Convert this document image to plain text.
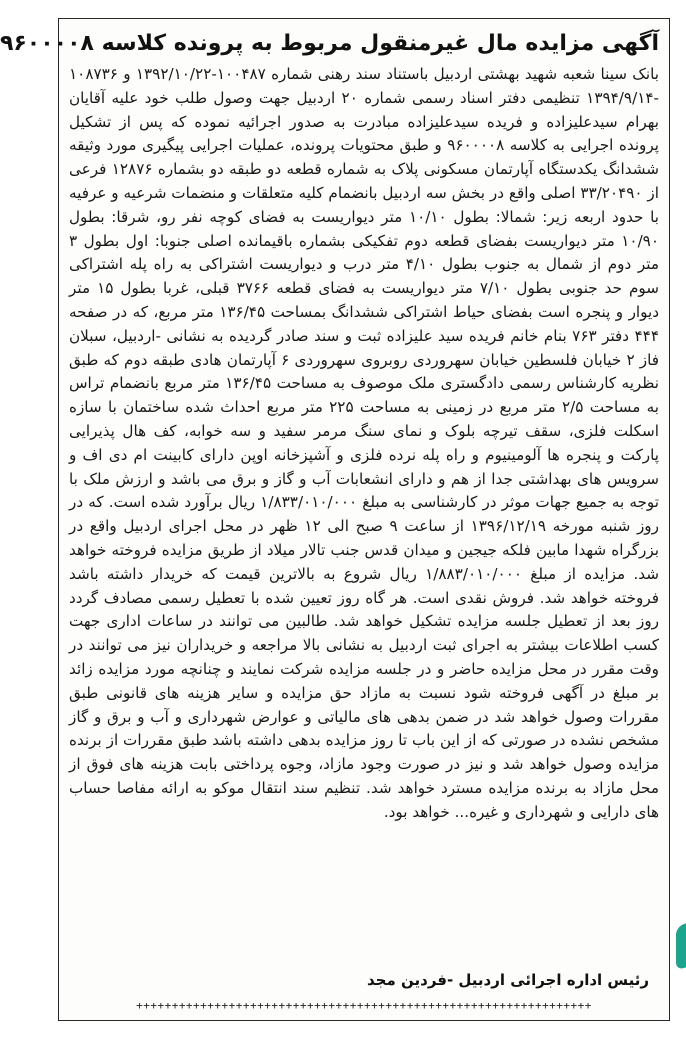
آگهی مزایده مال غیرمنقول مربوط به پرونده کلاسه ۹۶۰۰۰۰۸
بانک سینا شعبه شهید بهشتی اردبیل باستناد سند رهنی شماره ۱۰۰۴۸۷-۱۳۹۲/۱۰/۲۲ و ۱۰۸۷۳۶ -۱۳۹۴/۹/۱۴ تنظیمی دفتر اسناد رسمی شماره ۲۰ اردبیل جهت وصول طلب خود علیه آقایان بهرام سیدعلیزاده و فریده سیدعلیزاده مبادرت به صدور اجرائیه نموده که پس از تشکیل پرونده اجرایی به کلاسه ۹۶۰۰۰۰۸ و طبق محتویات پرونده، عملیات اجرایی پیگیری مورد وثیقه ششدانگ یکدستگاه آپارتمان مسکونی پلاک به شماره قطعه دو طبقه دو بشماره ۱۲۸۷۶ فرعی از ۳۳/۲۰۴۹۰ اصلی واقع در بخش سه اردبیل بانضمام کلیه متعلقات و منضمات شرعیه و عرفیه با حدود اربعه زیر: شمالا: بطول ۱۰/۱۰ متر دیواریست به فضای کوچه نفر رو، شرقا: بطول ۱۰/۹۰ متر دیواریست بفضای قطعه دوم تفکیکی بشماره باقیمانده اصلی جنوبا: اول بطول ۳ متر دوم از شمال به جنوب بطول ۴/۱۰ متر درب و دیواریست اشتراکی به راه پله اشتراکی سوم حد جنوبی بطول ۷/۱۰ متر دیواریست به فضای قطعه ۳۷۶۶ قبلی، غربا بطول ۱۵ متر دیوار و پنجره است بفضای حیاط اشتراکی ششدانگ بمساحت ۱۳۶/۴۵ متر مربع، که در صفحه ۴۴۴ دفتر ۷۶۳ بنام خانم فریده سید علیزاده ثبت و سند صادر گردیده به نشانی -اردبیل، سبلان فاز ۲ خیابان فلسطین خیابان سهروردی روبروی سهروردی ۶ آپارتمان هادی طبقه دوم که طبق نظریه کارشناس رسمی دادگستری ملک موصوف به مساحت ۱۳۶/۴۵ متر مربع بانضمام تراس به مساحت ۲/۵ متر مربع در زمینی به مساحت ۲۲۵ متر مربع احداث شده ساختمان با سازه اسکلت فلزی، سقف تیرچه بلوک و نمای سنگ مرمر سفید و سه خوابه، کف هال پذیرایی پارکت و پنجره ها آلومینیوم و راه پله نرده فلزی و آشپزخانه اوپن دارای کابینت ام دی اف و سرویس های بهداشتی جدا از هم و دارای انشعابات آب و گاز و برق می باشد و ارزش ملک با توجه به جمیع جهات موثر در کارشناسی به مبلغ ۱/۸۳۳/۰۱۰/۰۰۰ ریال برآورد شده است. که در روز شنبه مورخه ۱۳۹۶/۱۲/۱۹ از ساعت ۹ صبح الی ۱۲ ظهر در محل اجرای اردبیل واقع در بزرگراه شهدا مابین فلکه جیجین و میدان قدس جنب تالار میلاد از طریق مزایده فروخته خواهد شد. مزایده از مبلغ ۱/۸۸۳/۰۱۰/۰۰۰ ریال شروع به بالاترین قیمت که خریدار داشته باشد فروخته خواهد شد. فروش نقدی است. هر گاه روز تعیین شده با تعطیل رسمی مصادف گردد روز بعد از تعطیل جلسه مزایده تشکیل خواهد شد. طالبین می توانند در ساعات اداری جهت کسب اطلاعات بیشتر به اجرای ثبت اردبیل به نشانی بالا مراجعه و خریداران نیز می توانند در وقت مقرر در محل مزایده حاضر و در جلسه مزایده شرکت نمایند و چنانچه مورد مزایده زائد بر مبلغ در آگهی فروخته شود نسبت به مازاد حق مزایده و سایر هزینه های قانونی طبق مقررات وصول خواهد شد در ضمن بدهی های مالیاتی و عوارض شهرداری و آب و برق و گاز مشخص نشده در صورتی که از این باب تا روز مزایده بدهی داشته باشد طبق مقررات از برنده مزایده وصول خواهد شد و نیز در صورت وجود مازاد، وجوه پرداختی بابت هزینه های فوق از محل مازاد به برنده مزایده مسترد خواهد شد. تنظیم سند انتقال موکو به ارائه مفاصا حساب های دارایی و شهرداری و غیره... خواهد بود.
رئیس اداره اجرائی اردبیل -فردین مجد
++++++++++++++++++++++++++++++++++++++++++++++++++++++++++++++++
